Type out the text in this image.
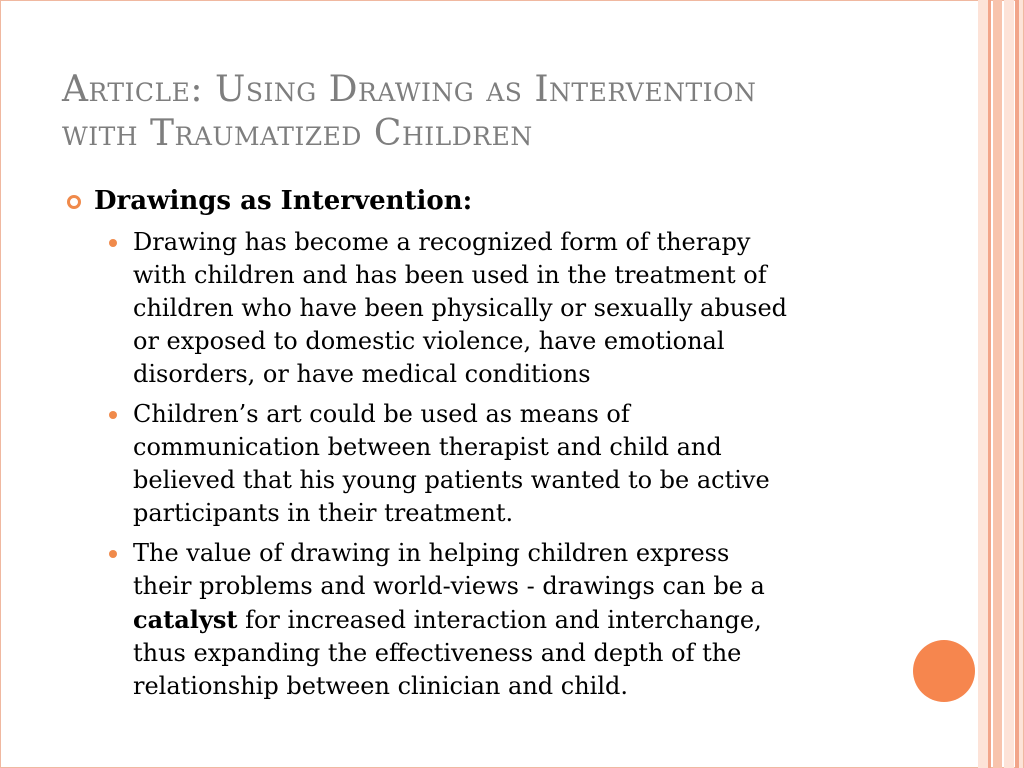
Article: Using Drawing as Intervention
with Traumatized Children
Drawings as Intervention:
Drawing has become a recognized form of therapy
with children and has been used in the treatment of
children who have been physically or sexually abused
or exposed to domestic violence, have emotional
disorders, or have medical conditions
Children’s art could be used as means of
communication between therapist and child and
believed that his young patients wanted to be active
participants in their treatment.
The value of drawing in helping children express
their problems and world-views - drawings can be a
catalyst for increased interaction and interchange,
thus expanding the effectiveness and depth of the
relationship between clinician and child.
